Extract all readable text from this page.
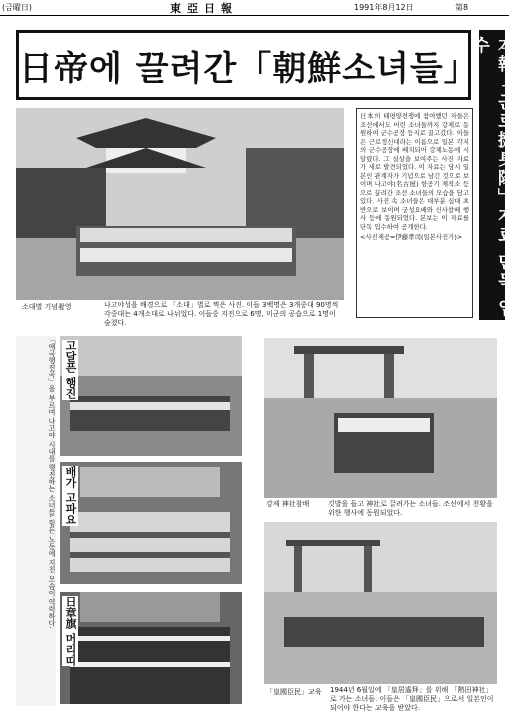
(금曜日)	東亞日報	1991年8月12日	第8
日帝에 끌려간「朝鮮소녀들」 本報「근로挺身隊」자료 단독 입수
소대별 기념촬영	나고야성을 배경으로 「소대」별로 찍은 사진. 이들 3백명은 3개중대 90명씩 각중대는 4개소대로 나뉘었다. 이들중 지진으로 6명, 미군의 공습으로 1명이 숨졌다.
日本의 태평양전쟁에 참여했던 자들은 조선에서도 어린 소녀들까지 강제로 동원하여 군수공장 등지로 끌고갔다. 이들은 근로정신대라는 이름으로 일본 각지의 군수공장에 배치되어 강제노동에 시달렸다. 그 실상을 보여주는 사진 자료가 새로 발견되었다. 이 자료는 당시 일본인 관계자가 기념으로 남긴 것으로 보이며 나고야(名古屋) 항공기 제작소 등으로 끌려간 조선 소녀들의 모습을 담고 있다. 사진 속 소녀들은 대부분 십대 초반으로 보이며 궁성요배와 신사참배 행사 등에 동원되었다. 본보는 이 자료를 단독 입수하여 공개한다.
<사진제공=伊藤孝司(일본사진가)>
「애국행진곡」을 부르며 나고야 시내를 행진하는 소녀들. 힘든 노동에 지친 모습이 역력하다. 고달픈 행진
강제 神社참배	깃발을 들고 神社로 끌려가는 소녀들. 조선에서 천황을 위한 행사에 동원되었다.
배가 고파요
日章旗 머리띠
「皇國臣民」교육	1944년 6월일에 「皇居遙拜」를 위해 「熱田神社」로 가는 소녀들. 이들은 「皇國臣民」으로서 일본인이 되어야 한다는 교육을 받았다.
